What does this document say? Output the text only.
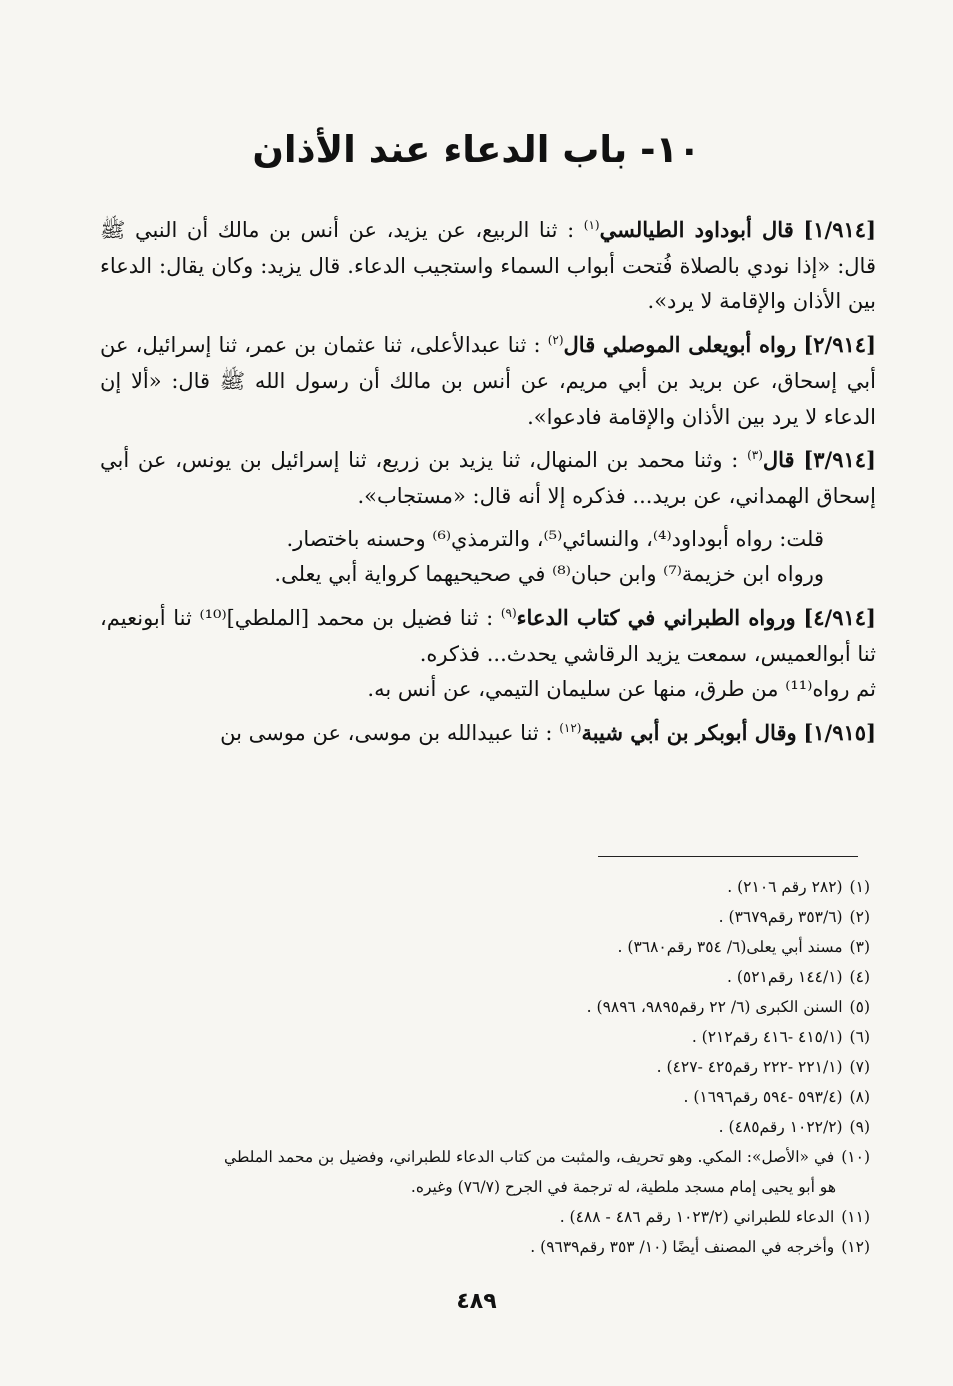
١٠- باب الدعاء عند الأذان

[١/٩١٤] قال أبوداود الطيالسي$^{(١)}$ : ثنا الربيع، عن يزيد، عن أنس بن مالك أن النبي ﷺ قال: «إذا نودي بالصلاة فُتحت أبواب السماء واستجيب الدعاء. قال يزيد: وكان يقال: الدعاء بين الأذان والإقامة لا يرد».

[٢/٩١٤] رواه أبويعلى الموصلي قال$^{(٢)}$ : ثنا عبدالأعلى، ثنا عثمان بن عمر، ثنا إسرائيل، عن أبي إسحاق، عن بريد بن أبي مريم، عن أنس بن مالك أن رسول الله ﷺ قال: «ألا إن الدعاء لا يرد بين الأذان والإقامة فادعوا».

[٣/٩١٤] قال$^{(٣)}$ : وثنا محمد بن المنهال، ثنا يزيد بن زريع، ثنا إسرائيل بن يونس، عن أبي إسحاق الهمداني، عن بريد... فذكره إلا أنه قال: «مستجاب».

قلت: رواه أبوداود⁽⁴⁾، والنسائي⁽⁵⁾، والترمذي⁽⁶⁾ وحسنه باختصار.

ورواه ابن خزيمة⁽⁷⁾ وابن حبان⁽⁸⁾ في صحيحيهما كرواية أبي يعلى.

[٤/٩١٤] ورواه الطبراني في كتاب الدعاء$^{(٩)}$ : ثنا فضيل بن محمد [الملطي]⁽¹⁰⁾ ثنا أبونعيم، ثنا أبوالعميس، سمعت يزيد الرقاشي يحدث... فذكره.

ثم رواه⁽¹¹⁾ من طرق، منها عن سليمان التيمي، عن أنس به.

[١/٩١٥] وقال أبوبكر بن أبي شيبة$^{(١٢)}$ : ثنا عبيدالله بن موسى، عن موسى بن

(١) (٢٨٢ رقم ٢١٠٦) .
(٢) (٣٥٣/٦ رقم٣٦٧٩) .
(٣) مسند أبي يعلى(٦/ ٣٥٤ رقم٣٦٨٠) .
(٤) (١٤٤/١ رقم٥٢١) .
(٥) السنن الكبرى (٦/ ٢٢ رقم٩٨٩٥، ٩٨٩٦) .
(٦) (٤١٥/١ -٤١٦ رقم٢١٢) .
(٧) (٢٢١/١ -٢٢٢ رقم٤٢٥ -٤٢٧) .
(٨) (٥٩٣/٤ -٥٩٤ رقم١٦٩٦) .
(٩) (١٠٢٢/٢ رقم٤٨٥) .
(١٠) في «الأصل»: المكي. وهو تحريف، والمثبت من كتاب الدعاء للطبراني، وفضيل بن محمد الملطي
هو أبو يحيى إمام مسجد ملطية، له ترجمة في الجرح (٧٦/٧) وغيره.
(١١) الدعاء للطبراني (١٠٢٣/٢ رقم ٤٨٦ - ٤٨٨) .
(١٢) وأخرجه في المصنف أيضًا (١٠/ ٣٥٣ رقم٩٦٣٩) .
٤٨٩
